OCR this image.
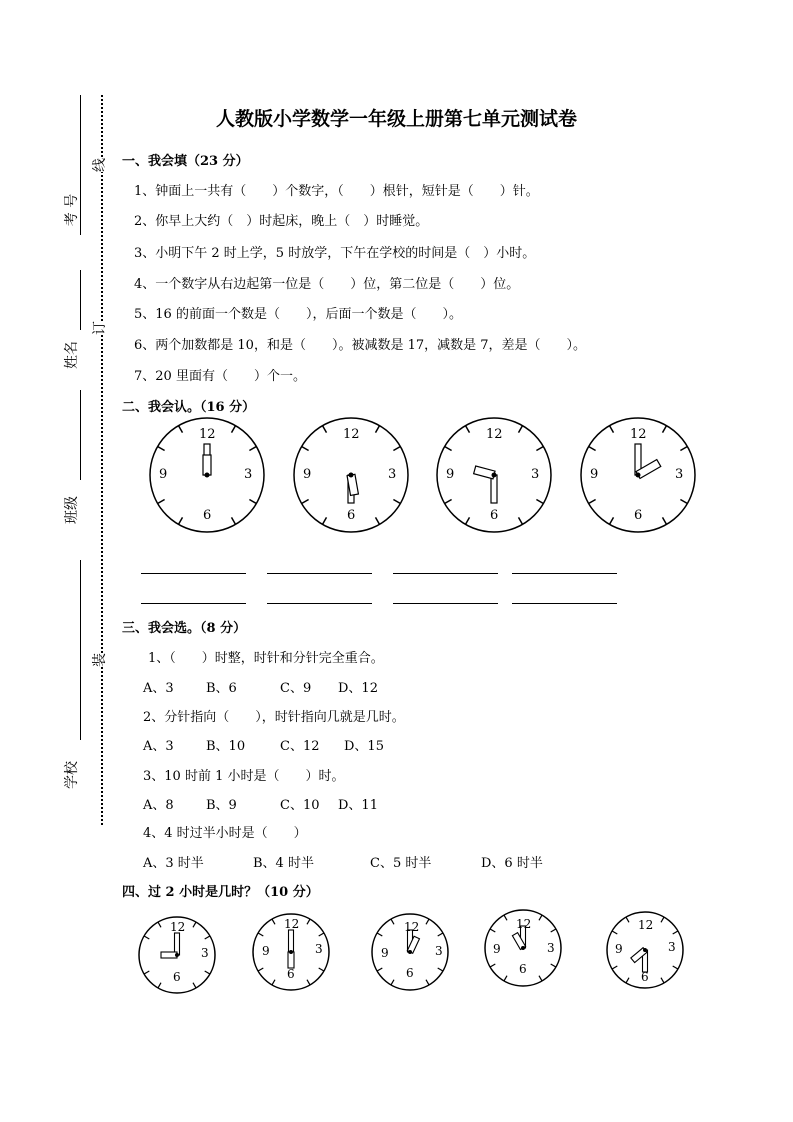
考 号
姓名
班级
学校
线
订
装
人教版小学数学一年级上册第七单元测试卷
一、我会填（23 分）
1、钟面上一共有（　　）个数字，（　　）根针，短针是（　　）针。
2、你早上大约（　）时起床，晚上（　）时睡觉。
3、小明下午 2 时上学，5 时放学，下午在学校的时间是（　）小时。
4、一个数字从右边起第一位是（　　）位，第二位是（　　）位。
5、16 的前面一个数是（　　），后面一个数是（　　）。
6、两个加数都是 10，和是（　　）。被减数是 17，减数是 7，差是（　　）。
7、20 里面有（　　）个一。
二、我会认。（16 分）
12
3
6
9
12
3
6
9
12
3
6
9
12
3
6
9
三、我会选。（8 分）
1、（　　）时整，时针和分针完全重合。
A、3 B、6	C、9 D、12
2、分针指向（　　），时针指向几就是几时。
A、3 B、10	C、12 D、15
3、10 时前 1 小时是（　　）时。
A、8 B、9	C、10 D、11
4、4 时过半小时是（　　）
A、3 时半	B、4 时半	C、5 时半	D、6 时半
四、过 2 小时是几时？（10 分）
12
3
6
12
3
6
9
12
3
6
9
12
3
6
9
12
3
6
9
